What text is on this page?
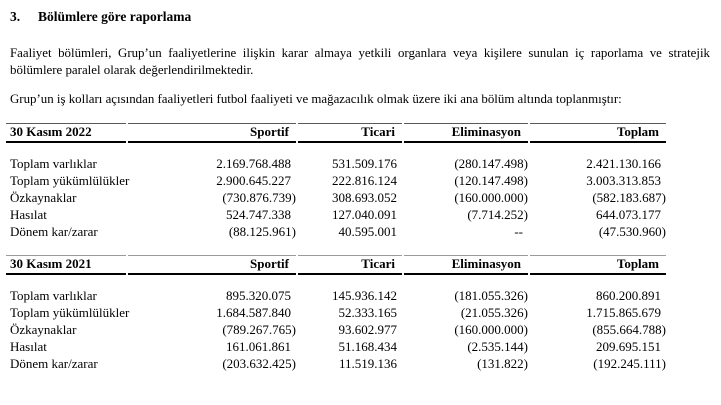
3. Bölümlere göre raporlama

Faaliyet bölümleri, Grup’un faaliyetlerine ilişkin karar almaya yetkili organlara veya kişilere sunulan iç raporlama ve stratejik bölümlere paralel olarak değerlendirilmektedir.

Grup’un iş kolları açısından faaliyetleri futbol faaliyeti ve mağazacılık olmak üzere iki ana bölüm altında toplanmıştır:

30 Kasım 2022	Sportif	Ticari	Eliminasyon	Toplam

Toplam varlıklar	2.169.768.488	531.509.176	(280.147.498)	2.421.130.166
Toplam yükümlülükler	2.900.645.227	222.816.124	(120.147.498)	3.003.313.853
Özkaynaklar	(730.876.739)	308.693.052	(160.000.000)	(582.183.687)
Hasılat	524.747.338	127.040.091	(7.714.252)	644.073.177
Dönem kar/zarar	(88.125.961)	40.595.001	--	(47.530.960)
30 Kasım 2021	Sportif	Ticari	Eliminasyon	Toplam

Toplam varlıklar	895.320.075	145.936.142	(181.055.326)	860.200.891
Toplam yükümlülükler	1.684.587.840	52.333.165	(21.055.326)	1.715.865.679
Özkaynaklar	(789.267.765)	93.602.977	(160.000.000)	(855.664.788)
Hasılat	161.061.861	51.168.434	(2.535.144)	209.695.151
Dönem kar/zarar	(203.632.425)	11.519.136	(131.822)	(192.245.111)
